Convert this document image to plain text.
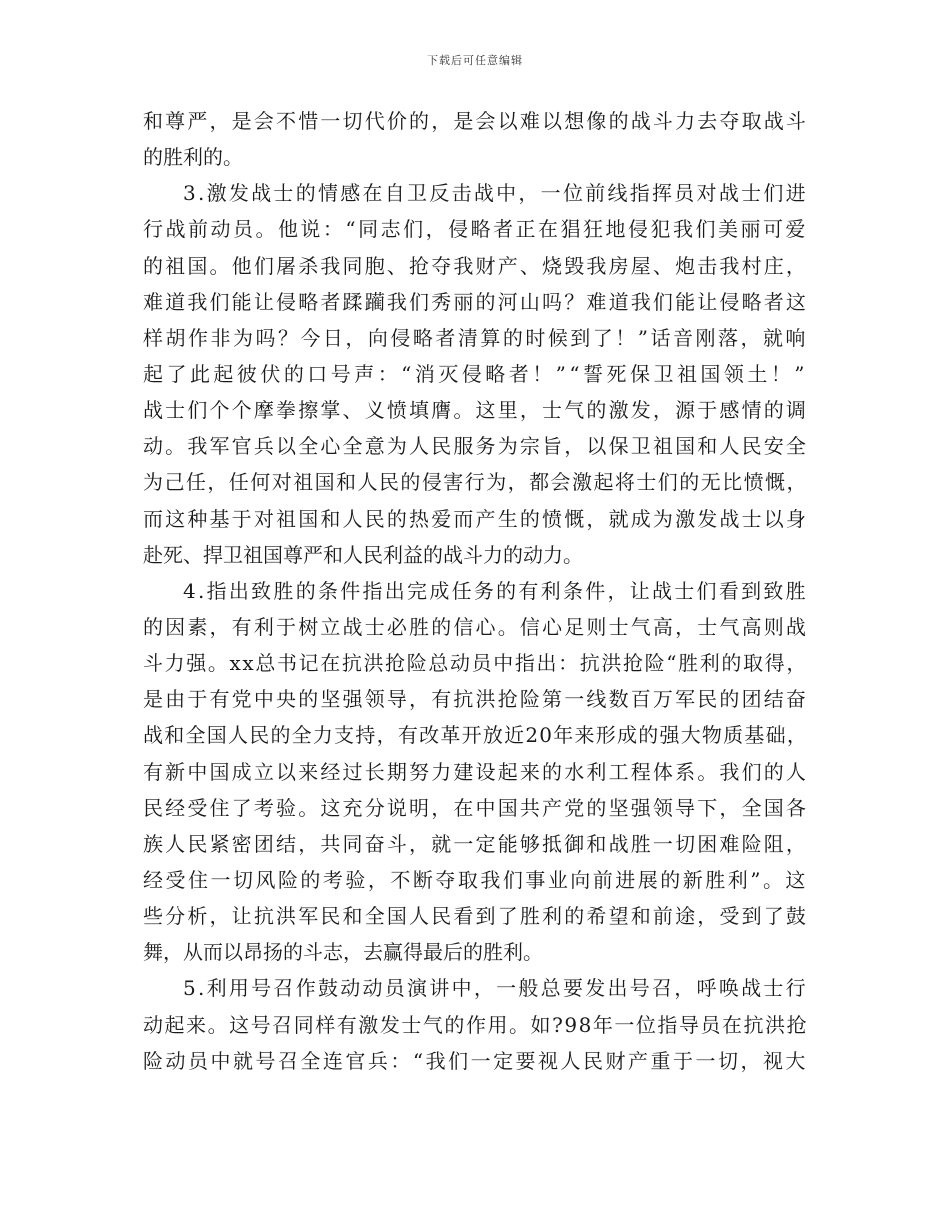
下载后可任意编辑
和尊严，是会不惜一切代价的，是会以难以想像的战斗力去夺取战斗
的胜利的。
3.激发战士的情感在自卫反击战中，一位前线指挥员对战士们进
行战前动员。他说：“同志们，侵略者正在猖狂地侵犯我们美丽可爱
的祖国。他们屠杀我同胞、抢夺我财产、烧毁我房屋、炮击我村庄，
难道我们能让侵略者蹂躏我们秀丽的河山吗？难道我们能让侵略者这
样胡作非为吗？今日，向侵略者清算的时候到了！”话音刚落，就响
起了此起彼伏的口号声：“消灭侵略者！”“誓死保卫祖国领土！”
战士们个个摩拳擦掌、义愤填膺。这里，士气的激发，源于感情的调
动。我军官兵以全心全意为人民服务为宗旨，以保卫祖国和人民安全
为己任，任何对祖国和人民的侵害行为，都会激起将士们的无比愤慨，
而这种基于对祖国和人民的热爱而产生的愤慨，就成为激发战士以身
赴死、捍卫祖国尊严和人民利益的战斗力的动力。
4.指出致胜的条件指出完成任务的有利条件，让战士们看到致胜
的因素，有利于树立战士必胜的信心。信心足则士气高，士气高则战
斗力强。xx总书记在抗洪抢险总动员中指出：抗洪抢险“胜利的取得，
是由于有党中央的坚强领导，有抗洪抢险第一线数百万军民的团结奋
战和全国人民的全力支持，有改革开放近20年来形成的强大物质基础，
有新中国成立以来经过长期努力建设起来的水利工程体系。我们的人
民经受住了考验。这充分说明，在中国共产党的坚强领导下，全国各
族人民紧密团结，共同奋斗，就一定能够抵御和战胜一切困难险阻，
经受住一切风险的考验，不断夺取我们事业向前进展的新胜利”。这
些分析，让抗洪军民和全国人民看到了胜利的希望和前途，受到了鼓
舞，从而以昂扬的斗志，去赢得最后的胜利。
5.利用号召作鼓动动员演讲中，一般总要发出号召，呼唤战士行
动起来。这号召同样有激发士气的作用。如?98年一位指导员在抗洪抢
险动员中就号召全连官兵：“我们一定要视人民财产重于一切，视大
